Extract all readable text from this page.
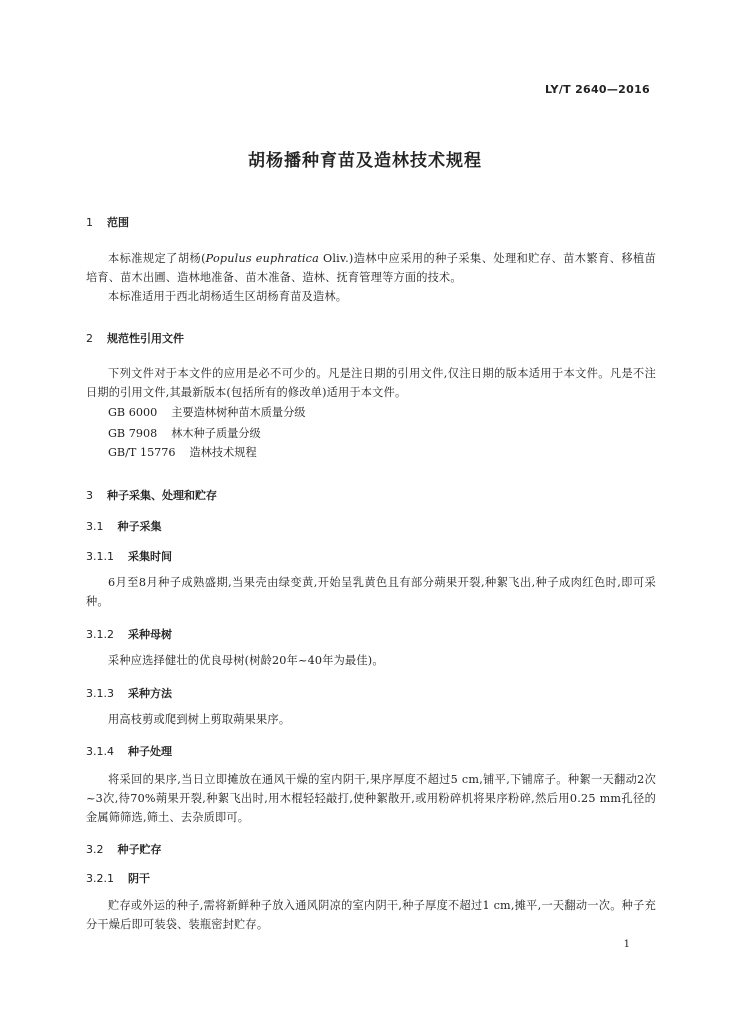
LY/T 2640—2016
胡杨播种育苗及造林技术规程
1 范围
本标准规定了胡杨(Populus euphratica Oliv.)造林中应采用的种子采集、处理和贮存、苗木繁育、移植苗培育、苗木出圃、造林地准备、苗木准备、造林、抚育管理等方面的技术。
本标准适用于西北胡杨适生区胡杨育苗及造林。
2 规范性引用文件
下列文件对于本文件的应用是必不可少的。凡是注日期的引用文件,仅注日期的版本适用于本文件。凡是不注日期的引用文件,其最新版本(包括所有的修改单)适用于本文件。
GB 6000 主要造林树种苗木质量分级
GB 7908 林木种子质量分级
GB/T 15776 造林技术规程
3 种子采集、处理和贮存
3.1 种子采集
3.1.1 采集时间
6月至8月种子成熟盛期,当果壳由绿变黄,开始呈乳黄色且有部分蒴果开裂,种絮飞出,种子成肉红色时,即可采种。
3.1.2 采种母树
采种应选择健壮的优良母树(树龄20年~40年为最佳)。
3.1.3 采种方法
用高枝剪或爬到树上剪取蒴果果序。
3.1.4 种子处理
将采回的果序,当日立即摊放在通风干燥的室内阴干,果序厚度不超过5 cm,铺平,下铺席子。种絮一天翻动2次~3次,待70%蒴果开裂,种絮飞出时,用木棍轻轻敲打,使种絮散开,或用粉碎机将果序粉碎,然后用0.25 mm孔径的金属筛筛选,筛土、去杂质即可。
3.2 种子贮存
3.2.1 阴干
贮存或外运的种子,需将新鲜种子放入通风阴凉的室内阴干,种子厚度不超过1 cm,摊平,一天翻动一次。种子充分干燥后即可装袋、装瓶密封贮存。
1
